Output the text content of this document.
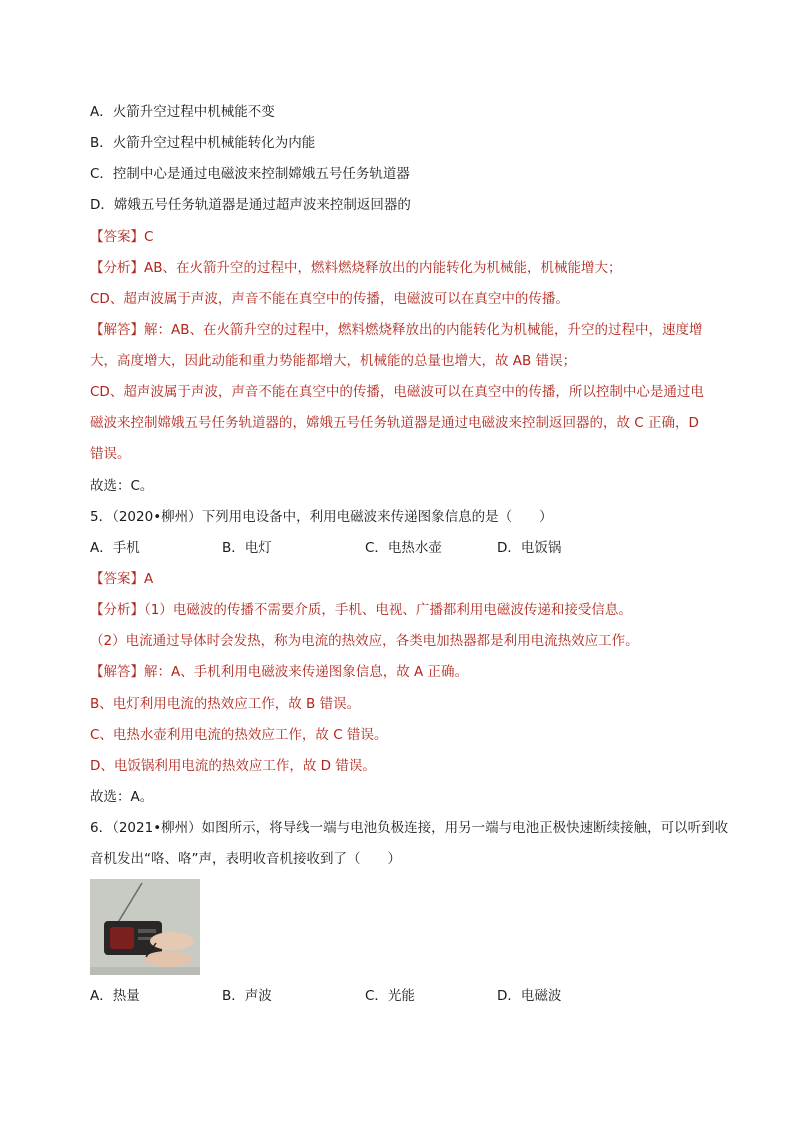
A．火箭升空过程中机械能不变
B．火箭升空过程中机械能转化为内能
C．控制中心是通过电磁波来控制嫦娥五号任务轨道器
D．嫦娥五号任务轨道器是通过超声波来控制返回器的
【答案】C
【分析】AB、在火箭升空的过程中，燃料燃烧释放出的内能转化为机械能，机械能增大；
CD、超声波属于声波，声音不能在真空中的传播，电磁波可以在真空中的传播。
【解答】解：AB、在火箭升空的过程中，燃料燃烧释放出的内能转化为机械能，升空的过程中，速度增
大，高度增大，因此动能和重力势能都增大，机械能的总量也增大，故 AB 错误；
CD、超声波属于声波，声音不能在真空中的传播，电磁波可以在真空中的传播，所以控制中心是通过电
磁波来控制嫦娥五号任务轨道器的，嫦娥五号任务轨道器是通过电磁波来控制返回器的，故 C 正确，D
错误。
故选：C。
5．（2020•柳州）下列用电设备中，利用电磁波来传递图象信息的是（　　）
A．手机	B．电灯	C．电热水壶	D．电饭锅
【答案】A
【分析】（1）电磁波的传播不需要介质，手机、电视、广播都利用电磁波传递和接受信息。
（2）电流通过导体时会发热，称为电流的热效应，各类电加热器都是利用电流热效应工作。
【解答】解：A、手机利用电磁波来传递图象信息，故 A 正确。
B、电灯利用电流的热效应工作，故 B 错误。
C、电热水壶利用电流的热效应工作，故 C 错误。
D、电饭锅利用电流的热效应工作，故 D 错误。
故选：A。
6．（2021•柳州）如图所示，将导线一端与电池负极连接，用另一端与电池正极快速断续接触，可以听到收
音机发出“咯、咯”声，表明收音机接收到了（　　）
A．热量	B．声波	C．光能	D．电磁波
